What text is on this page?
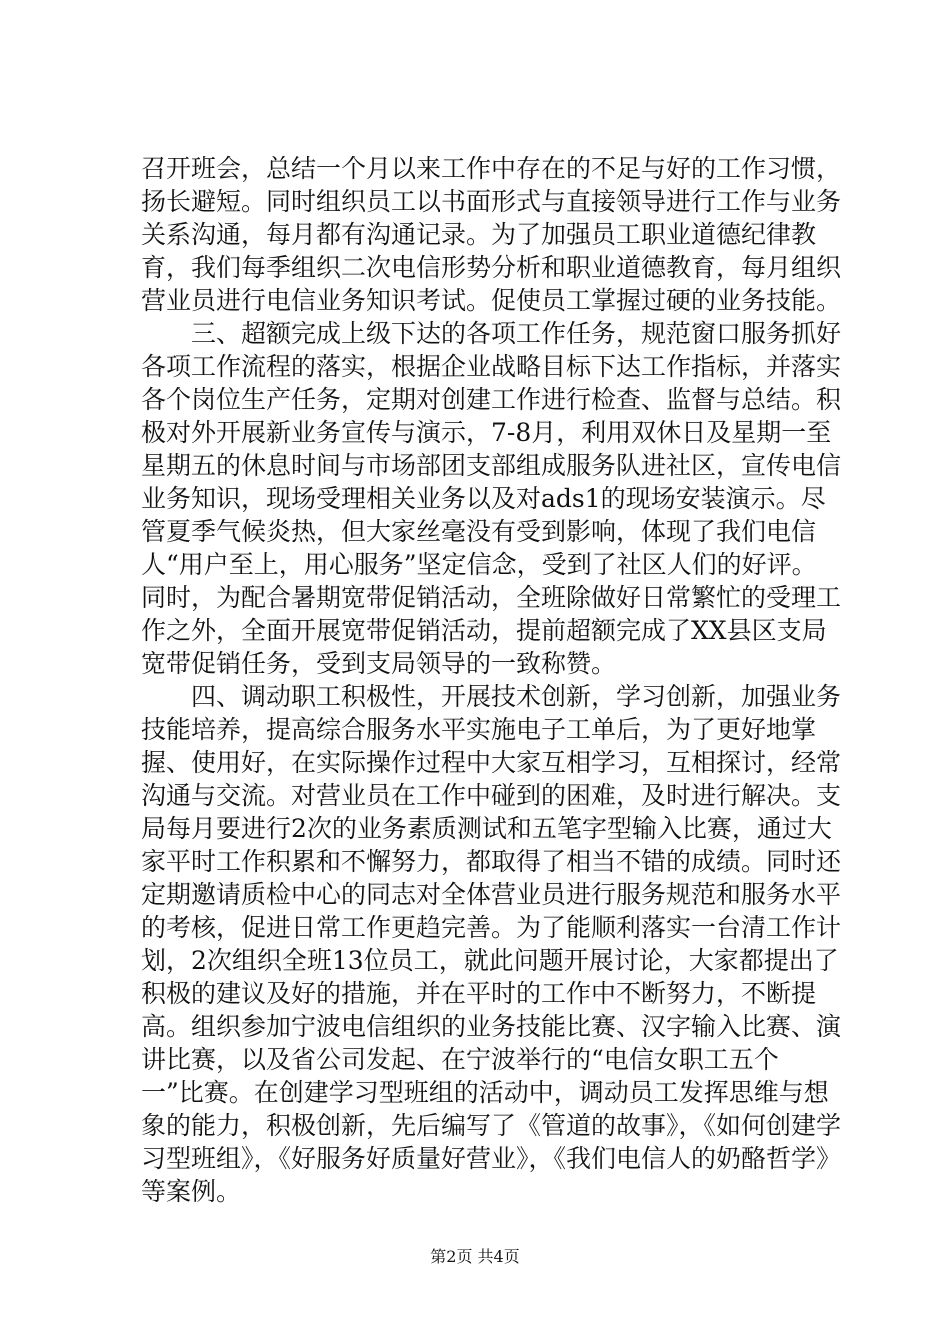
召开班会，总结一个月以来工作中存在的不足与好的工作习惯，扬长避短。同时组织员工以书面形式与直接领导进行工作与业务关系沟通，每月都有沟通记录。为了加强员工职业道德纪律教育，我们每季组织二次电信形势分析和职业道德教育，每月组织营业员进行电信业务知识考试。促使员工掌握过硬的业务技能。

三、超额完成上级下达的各项工作任务，规范窗口服务抓好各项工作流程的落实，根据企业战略目标下达工作指标，并落实各个岗位生产任务，定期对创建工作进行检查、监督与总结。积极对外开展新业务宣传与演示，7-8月，利用双休日及星期一至星期五的休息时间与市场部团支部组成服务队进社区，宣传电信业务知识，现场受理相关业务以及对ads1的现场安装演示。尽管夏季气候炎热，但大家丝毫没有受到影响，体现了我们电信人“用户至上，用心服务”坚定信念，受到了社区人们的好评。同时，为配合暑期宽带促销活动，全班除做好日常繁忙的受理工作之外，全面开展宽带促销活动，提前超额完成了XX县区支局宽带促销任务，受到支局领导的一致称赞。

四、调动职工积极性，开展技术创新，学习创新，加强业务技能培养，提高综合服务水平实施电子工单后，为了更好地掌握、使用好，在实际操作过程中大家互相学习，互相探讨，经常沟通与交流。对营业员在工作中碰到的困难，及时进行解决。支局每月要进行2次的业务素质测试和五笔字型输入比赛，通过大家平时工作积累和不懈努力，都取得了相当不错的成绩。同时还定期邀请质检中心的同志对全体营业员进行服务规范和服务水平的考核，促进日常工作更趋完善。为了能顺利落实一台清工作计划，2次组织全班13位员工，就此问题开展讨论，大家都提出了积极的建议及好的措施，并在平时的工作中不断努力，不断提高。组织参加宁波电信组织的业务技能比赛、汉字输入比赛、演讲比赛，以及省公司发起、在宁波举行的“电信女职工五个一”比赛。在创建学习型班组的活动中，调动员工发挥思维与想象的能力，积极创新，先后编写了《管道的故事》，《如何创建学习型班组》，《好服务好质量好营业》，《我们电信人的奶酪哲学》等案例。

第2页 共4页
